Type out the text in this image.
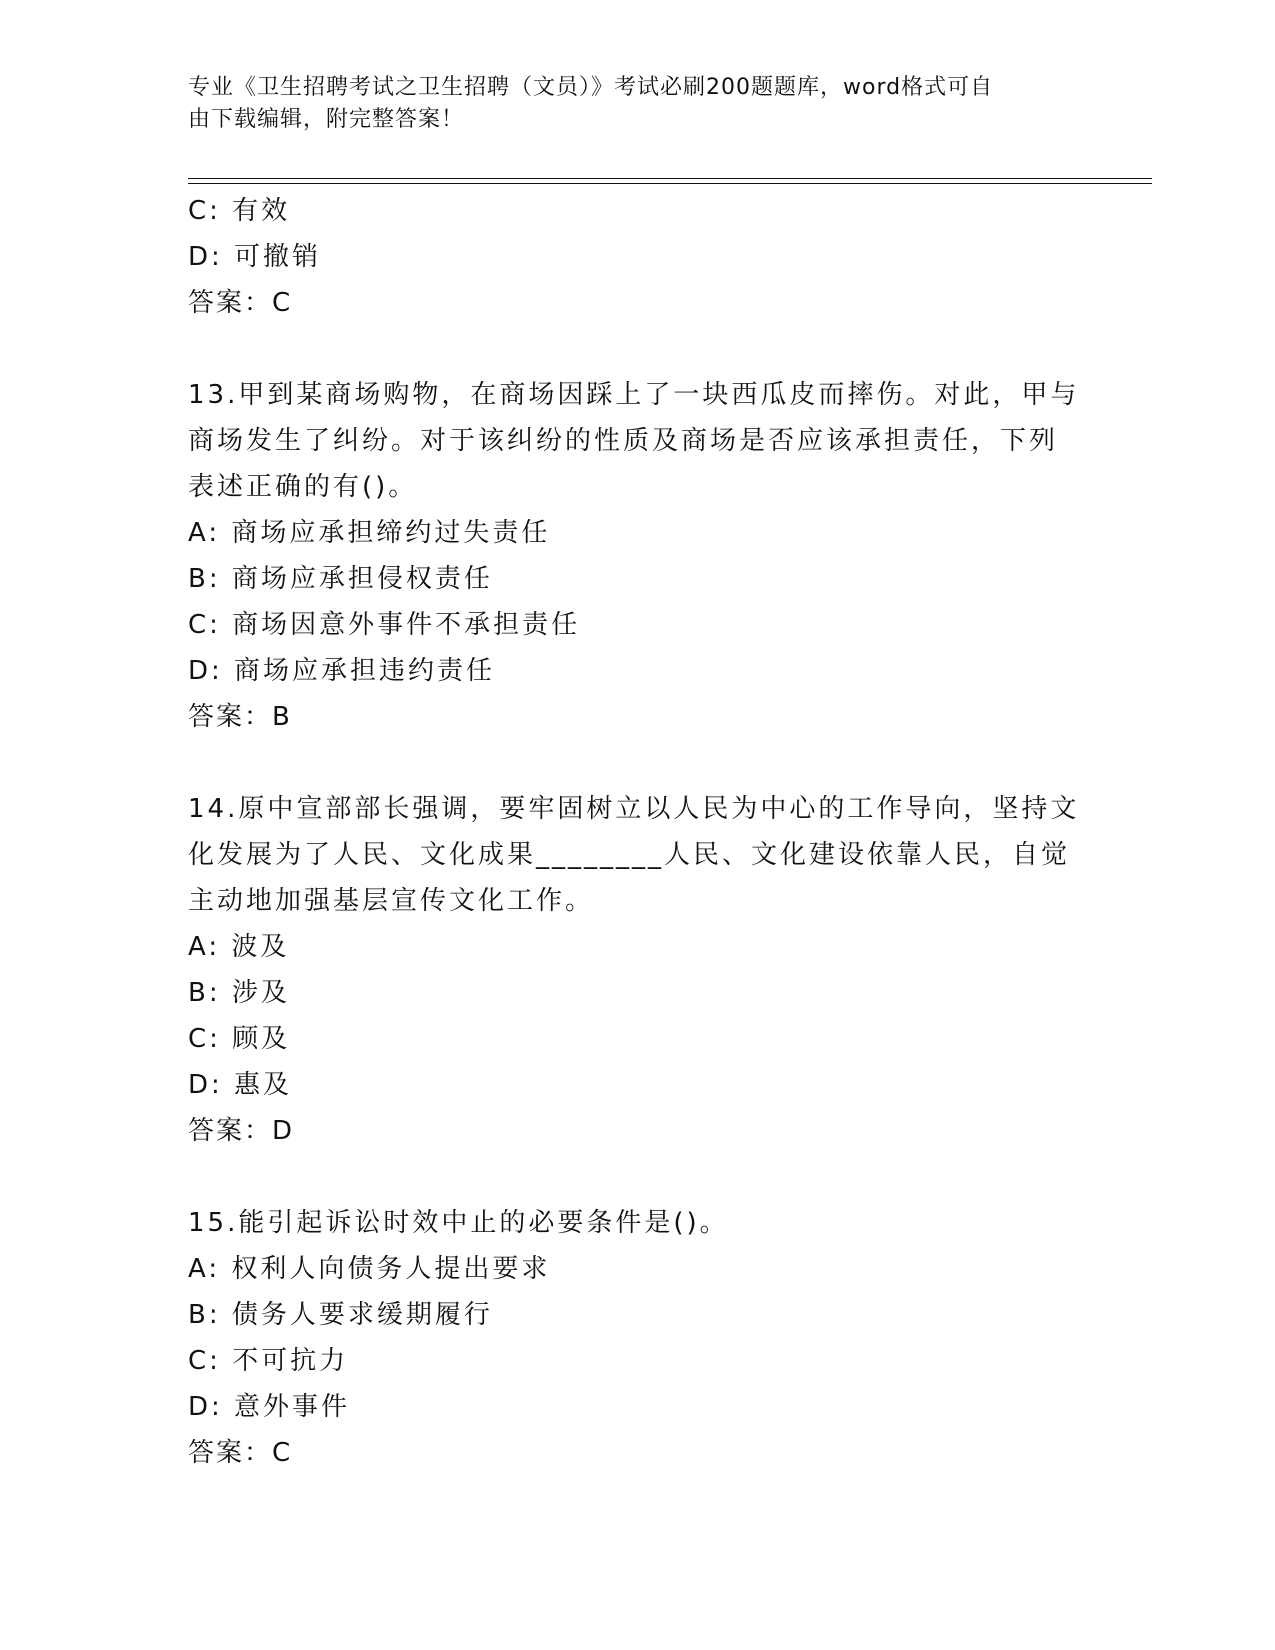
专业《卫生招聘考试之卫生招聘（文员）》考试必刷200题题库，word格式可自
由下载编辑，附完整答案！
C: 有效
D: 可撤销
答案：C
13.甲到某商场购物，在商场因踩上了一块西瓜皮而摔伤。对此，甲与
商场发生了纠纷。对于该纠纷的性质及商场是否应该承担责任，下列
表述正确的有()。
A: 商场应承担缔约过失责任
B: 商场应承担侵权责任
C: 商场因意外事件不承担责任
D: 商场应承担违约责任
答案：B
14.原中宣部部长强调，要牢固树立以人民为中心的工作导向，坚持文
化发展为了人民、文化成果________人民、文化建设依靠人民，自觉
主动地加强基层宣传文化工作。
A: 波及
B: 涉及
C: 顾及
D: 惠及
答案：D
15.能引起诉讼时效中止的必要条件是()。
A: 权利人向债务人提出要求
B: 债务人要求缓期履行
C: 不可抗力
D: 意外事件
答案：C
